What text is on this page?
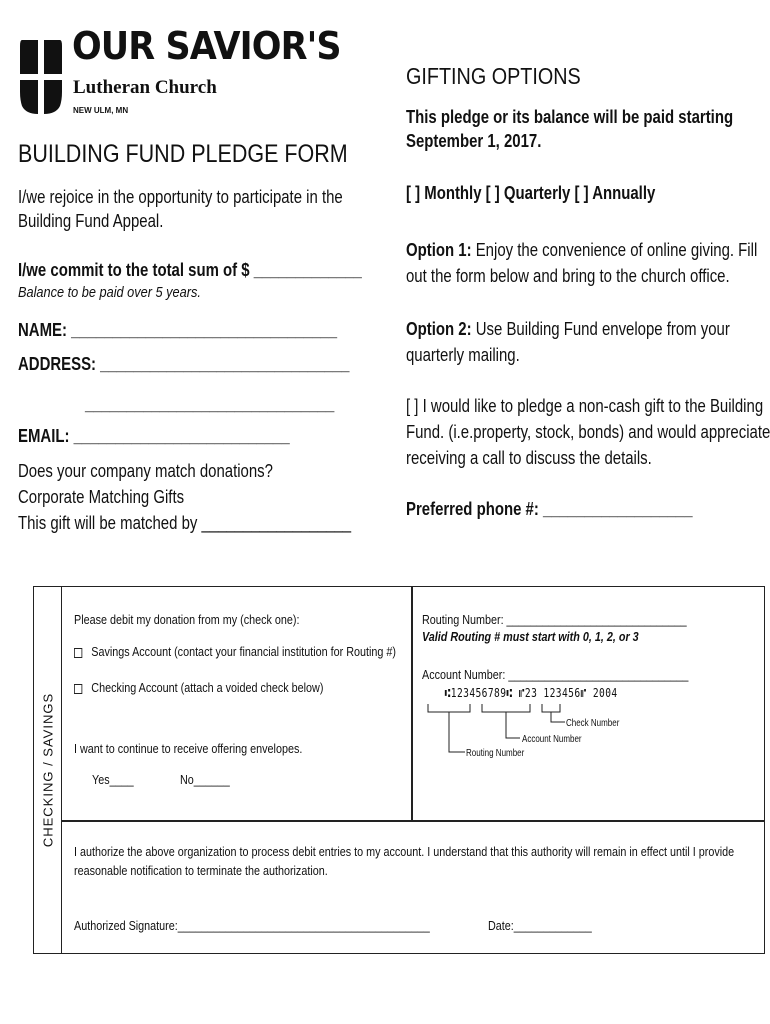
OUR SAVIOR'S
Lutheran Church
NEW ULM, MN
BUILDING FUND PLEDGE FORM
I/we rejoice in the opportunity to participate in the
Building Fund Appeal.
I/we commit to the total sum of $ _____________
Balance to be paid over 5 years.
NAME: ________________________________
ADDRESS: ______________________________
______________________________
EMAIL: __________________________
Does your company match donations?
Corporate Matching Gifts
This gift will be matched by __________________
GIFTING OPTIONS
This pledge or its balance will be paid starting
September 1, 2017.
[ ] Monthly [ ] Quarterly [ ] Annually
Option 1: Enjoy the convenience of online giving. Fill
out the form below and bring to the church office.
Option 2: Use Building Fund envelope from your
quarterly mailing.
[ ] I would like to pledge a non-cash gift to the Building
Fund. (i.e.property, stock, bonds) and would appreciate
receiving a call to discuss the details.
Preferred phone #: __________________
CHECKING / SAVINGS
Please debit my donation from my (check one):
Savings Account (contact your financial institution for Routing #)
Checking Account (attach a voided check below)
I want to continue to receive offering envelopes.
Yes____	No______
Routing Number: ______________________________
Valid Routing # must start with 0, 1, 2, or 3
Account Number: ______________________________
⑆123456789⑆ ⑈23 123456⑈ 2004
Check Number
Account Number
Routing Number
I authorize the above organization to process debit entries to my account. I understand that this authority will remain in effect until I provide
reasonable notification to terminate the authorization.
Authorized Signature:__________________________________________	Date:_____________
